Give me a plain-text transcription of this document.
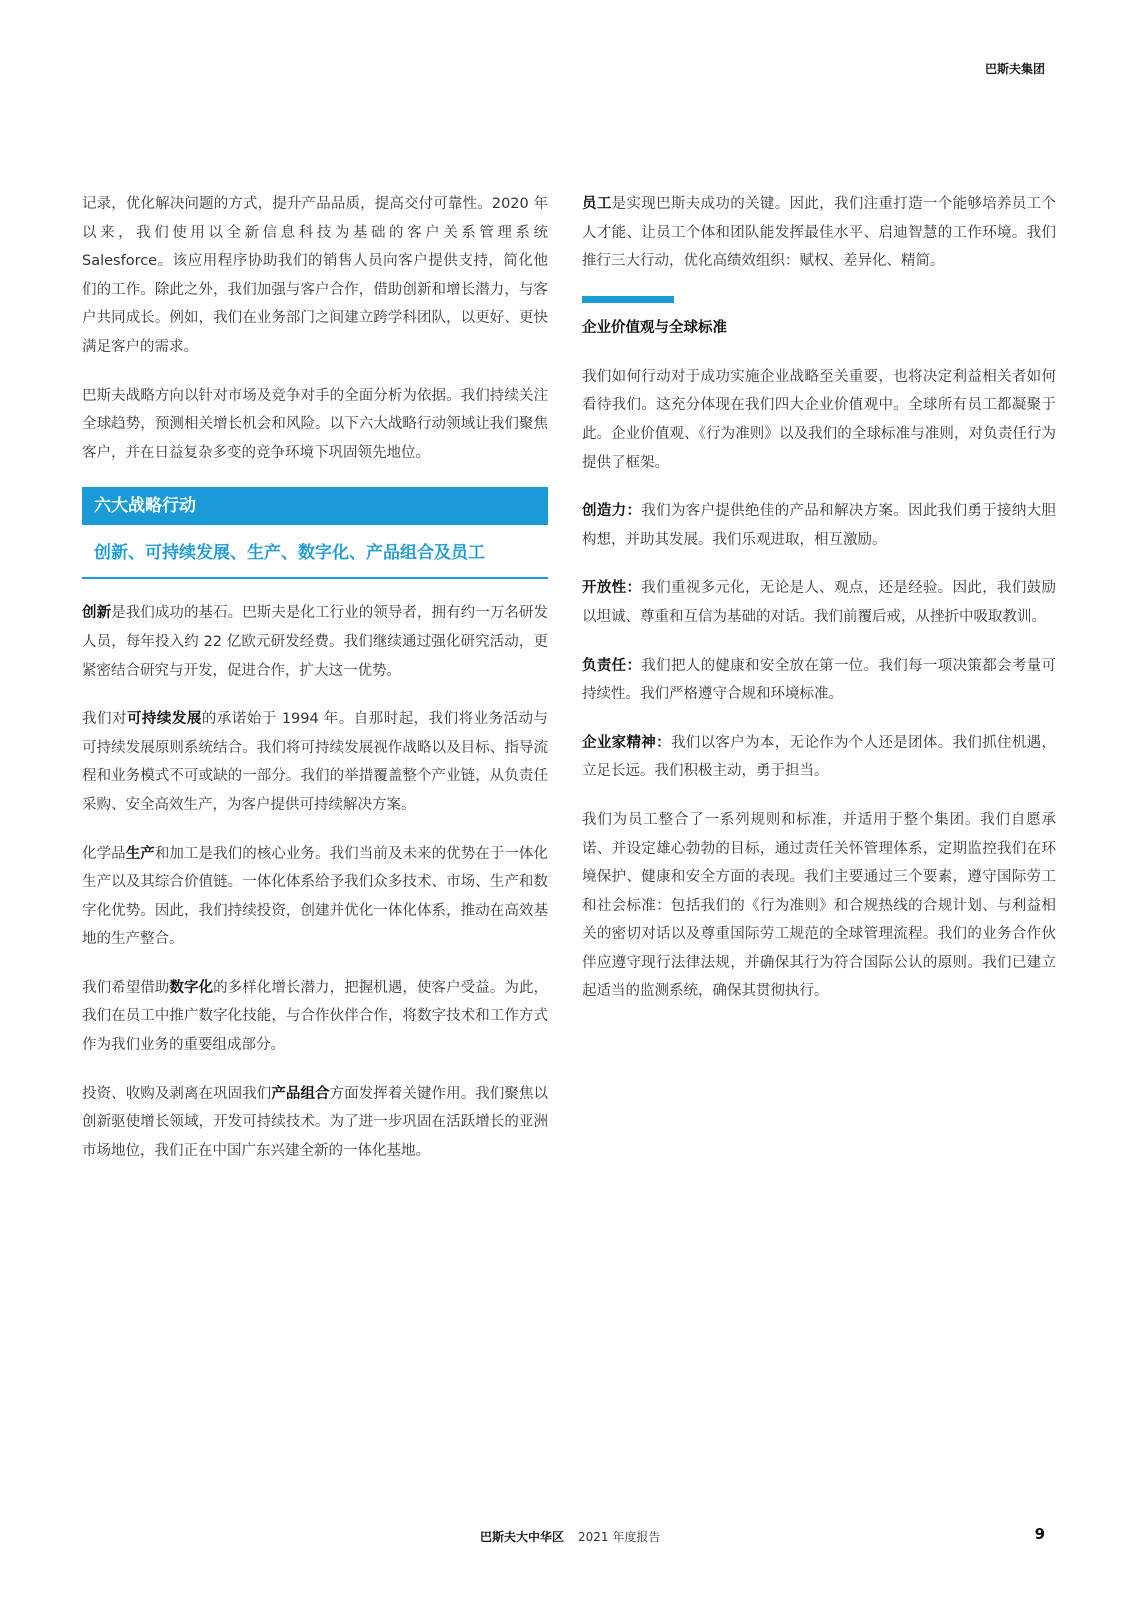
巴斯夫集团

记录，优化解决问题的方式，提升产品品质，提高交付可靠性。2020 年以来，我们使用以全新信息科技为基础的客户关系管理系统 Salesforce。该应用程序协助我们的销售人员向客户提供支持，简化他们的工作。除此之外，我们加强与客户合作，借助创新和增长潜力，与客户共同成长。例如，我们在业务部门之间建立跨学科团队，以更好、更快满足客户的需求。

巴斯夫战略方向以针对市场及竞争对手的全面分析为依据。我们持续关注全球趋势，预测相关增长机会和风险。以下六大战略行动领域让我们聚焦客户，并在日益复杂多变的竞争环境下巩固领先地位。

六大战略行动
创新、可持续发展、生产、数字化、产品组合及员工

创新是我们成功的基石。巴斯夫是化工行业的领导者，拥有约一万名研发人员，每年投入约 22 亿欧元研发经费。我们继续通过强化研究活动，更紧密结合研究与开发，促进合作，扩大这一优势。

我们对可持续发展的承诺始于 1994 年。自那时起，我们将业务活动与可持续发展原则系统结合。我们将可持续发展视作战略以及目标、指导流程和业务模式不可或缺的一部分。我们的举措覆盖整个产业链，从负责任采购、安全高效生产，为客户提供可持续解决方案。

化学品生产和加工是我们的核心业务。我们当前及未来的优势在于一体化生产以及其综合价值链。一体化体系给予我们众多技术、市场、生产和数字化优势。因此，我们持续投资，创建并优化一体化体系，推动在高效基地的生产整合。

我们希望借助数字化的多样化增长潜力，把握机遇，使客户受益。为此，我们在员工中推广数字化技能，与合作伙伴合作，将数字技术和工作方式作为我们业务的重要组成部分。

投资、收购及剥离在巩固我们产品组合方面发挥着关键作用。我们聚焦以创新驱使增长领域，开发可持续技术。为了进一步巩固在活跃增长的亚洲市场地位，我们正在中国广东兴建全新的一体化基地。

员工是实现巴斯夫成功的关键。因此，我们注重打造一个能够培养员工个人才能、让员工个体和团队能发挥最佳水平、启迪智慧的工作环境。我们推行三大行动，优化高绩效组织：赋权、差异化、精简。

企业价值观与全球标准

我们如何行动对于成功实施企业战略至关重要，也将决定利益相关者如何看待我们。这充分体现在我们四大企业价值观中。全球所有员工都凝聚于此。企业价值观、《行为准则》以及我们的全球标准与准则，对负责任行为提供了框架。

创造力：我们为客户提供绝佳的产品和解决方案。因此我们勇于接纳大胆构想，并助其发展。我们乐观进取，相互激励。

开放性：我们重视多元化，无论是人、观点，还是经验。因此，我们鼓励以坦诚、尊重和互信为基础的对话。我们前覆后戒，从挫折中吸取教训。

负责任：我们把人的健康和安全放在第一位。我们每一项决策都会考量可持续性。我们严格遵守合规和环境标准。

企业家精神：我们以客户为本，无论作为个人还是团体。我们抓住机遇，立足长远。我们积极主动，勇于担当。

我们为员工整合了一系列规则和标准，并适用于整个集团。我们自愿承诺、并设定雄心勃勃的目标，通过责任关怀管理体系，定期监控我们在环境保护、健康和安全方面的表现。我们主要通过三个要素，遵守国际劳工和社会标准：包括我们的《行为准则》和合规热线的合规计划、与利益相关的密切对话以及尊重国际劳工规范的全球管理流程。我们的业务合作伙伴应遵守现行法律法规，并确保其行为符合国际公认的原则。我们已建立起适当的监测系统，确保其贯彻执行。

巴斯夫大中华区 2021 年度报告	9
